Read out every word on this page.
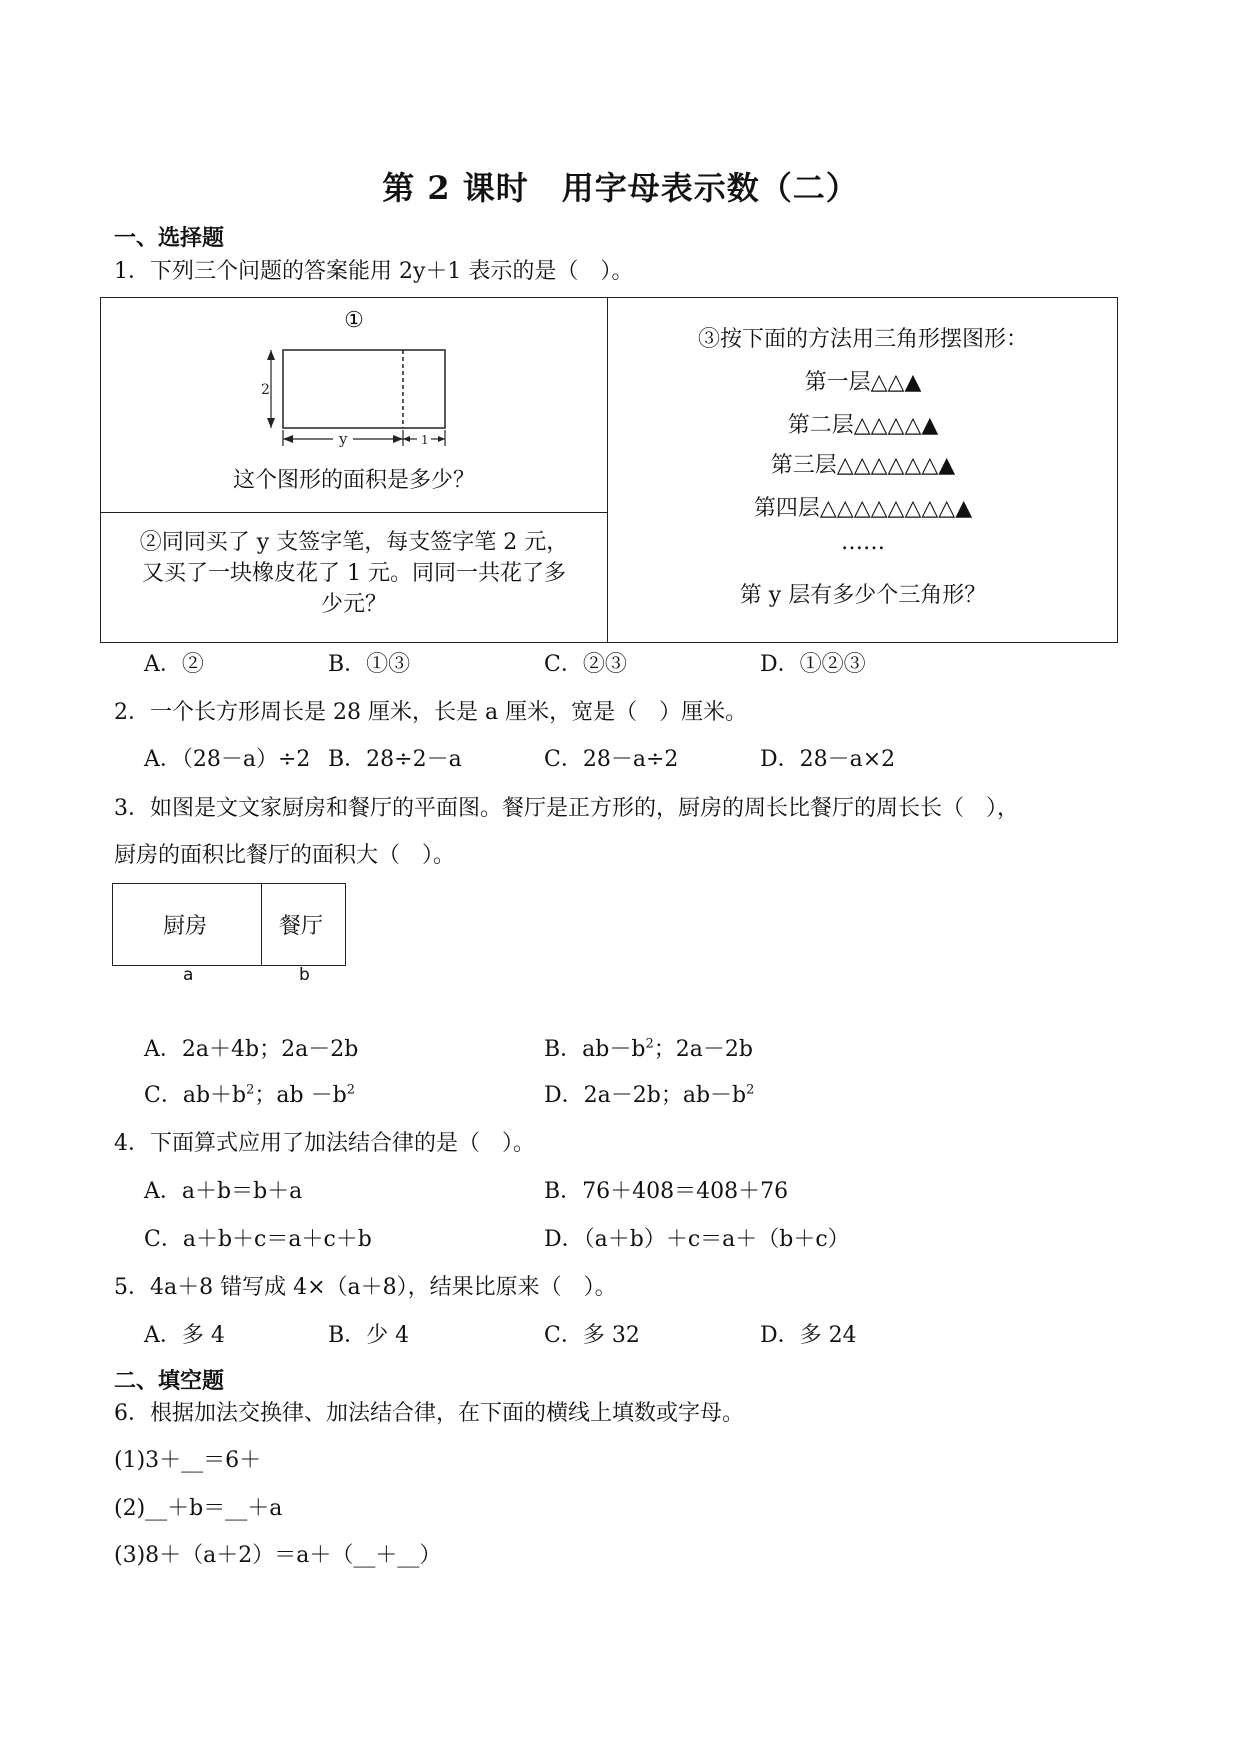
第 2 课时　用字母表示数（二）
一、选择题
1．下列三个问题的答案能用 2y＋1 表示的是（　）。
①
2
y	1
这个图形的面积是多少？
②同同买了 y 支签字笔，每支签字笔 2 元，
又买了一块橡皮花了 1 元。同同一共花了多
少元？
③按下面的方法用三角形摆图形：
第一层△△▲
第二层△△△△▲
第三层△△△△△△▲
第四层△△△△△△△△▲
……
第 y 层有多少个三角形？
A．②	B．①③	C．②③	D．①②③
2．一个长方形周长是 28 厘米，长是 a 厘米，宽是（　）厘米。
A．（28－a）÷2 B．28÷2－a	C．28－a÷2	D．28－a×2
3．如图是文文家厨房和餐厅的平面图。餐厅是正方形的，厨房的周长比餐厅的周长长（　），
厨房的面积比餐厅的面积大（　）。
厨房	餐厅
a	b
A．2a＋4b；2a－2b	B．$ab-b^2$；2a－2b
C．$ab+b^2$；ab $-b^2$	D．2a－2b；$ab-b^2$
4．下面算式应用了加法结合律的是（　）。
A．a＋b＝b＋a	B．76＋408＝408＋76
C．a＋b＋c＝a＋c＋b	D．（a＋b）＋c＝a＋（b＋c）
5．4a＋8 错写成 4×（a＋8），结果比原来（　）。
A．多 4	B．少 4	C．多 32	D．多 24
二、填空题
6．根据加法交换律、加法结合律，在下面的横线上填数或字母。
(1)3＋__＝6＋
(2)__＋b＝__＋a
(3)8＋（a＋2）＝a＋（__＋__）
